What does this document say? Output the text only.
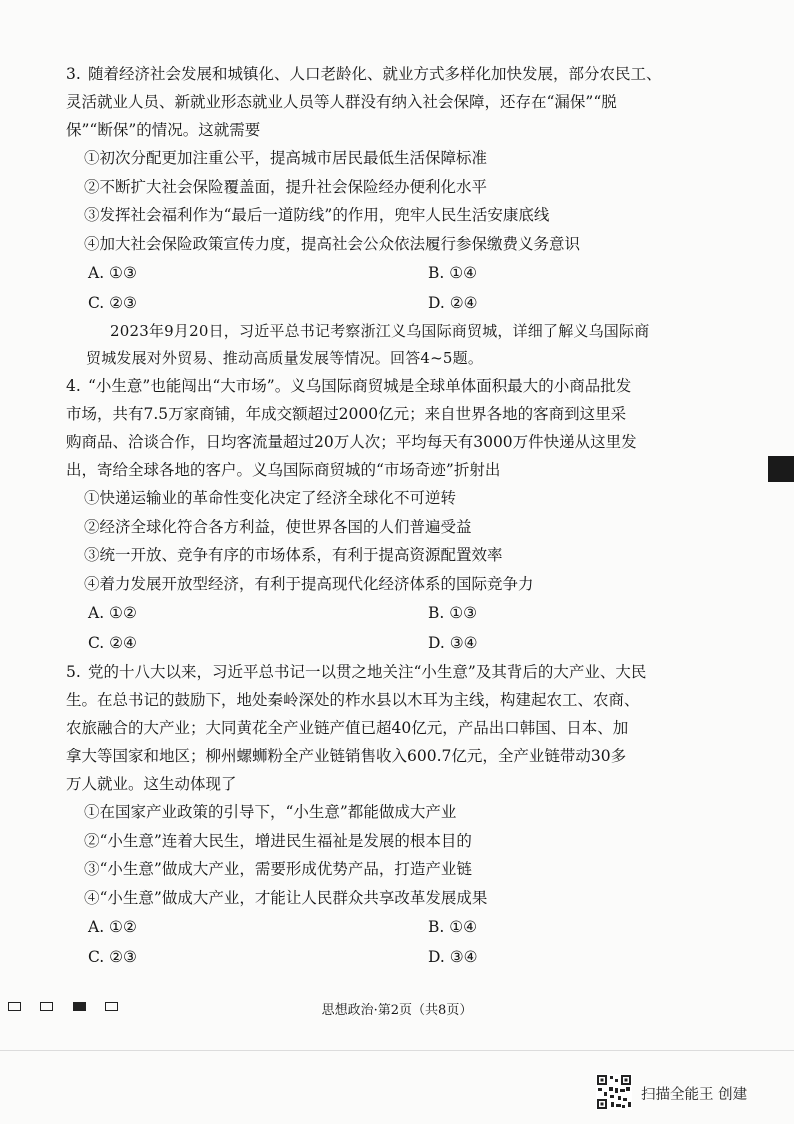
3. 随着经济社会发展和城镇化、人口老龄化、就业方式多样化加快发展，部分农民工、
灵活就业人员、新就业形态就业人员等人群没有纳入社会保障，还存在“漏保”“脱
保”“断保”的情况。这就需要
①初次分配更加注重公平，提高城市居民最低生活保障标准
②不断扩大社会保险覆盖面，提升社会保险经办便利化水平
③发挥社会福利作为“最后一道防线”的作用，兜牢人民生活安康底线
④加大社会保险政策宣传力度，提高社会公众依法履行参保缴费义务意识
A. ①③	B. ①④
C. ②③	D. ②④
2023年9月20日，习近平总书记考察浙江义乌国际商贸城，详细了解义乌国际商
贸城发展对外贸易、推动高质量发展等情况。回答4~5题。
4. “小生意”也能闯出“大市场”。义乌国际商贸城是全球单体面积最大的小商品批发
市场，共有7.5万家商铺，年成交额超过2000亿元；来自世界各地的客商到这里采
购商品、洽谈合作，日均客流量超过20万人次；平均每天有3000万件快递从这里发
出，寄给全球各地的客户。义乌国际商贸城的“市场奇迹”折射出
①快递运输业的革命性变化决定了经济全球化不可逆转
②经济全球化符合各方利益，使世界各国的人们普遍受益
③统一开放、竞争有序的市场体系，有利于提高资源配置效率
④着力发展开放型经济，有利于提高现代化经济体系的国际竞争力
A. ①②	B. ①③
C. ②④	D. ③④
5. 党的十八大以来，习近平总书记一以贯之地关注“小生意”及其背后的大产业、大民
生。在总书记的鼓励下，地处秦岭深处的柞水县以木耳为主线，构建起农工、农商、
农旅融合的大产业；大同黄花全产业链产值已超40亿元，产品出口韩国、日本、加
拿大等国家和地区；柳州螺蛳粉全产业链销售收入600.7亿元，全产业链带动30多
万人就业。这生动体现了
①在国家产业政策的引导下，“小生意”都能做成大产业
②“小生意”连着大民生，增进民生福祉是发展的根本目的
③“小生意”做成大产业，需要形成优势产品，打造产业链
④“小生意”做成大产业，才能让人民群众共享改革发展成果
A. ①②	B. ①④
C. ②③	D. ③④
思想政治·第2页（共8页）
扫描全能王 创建
